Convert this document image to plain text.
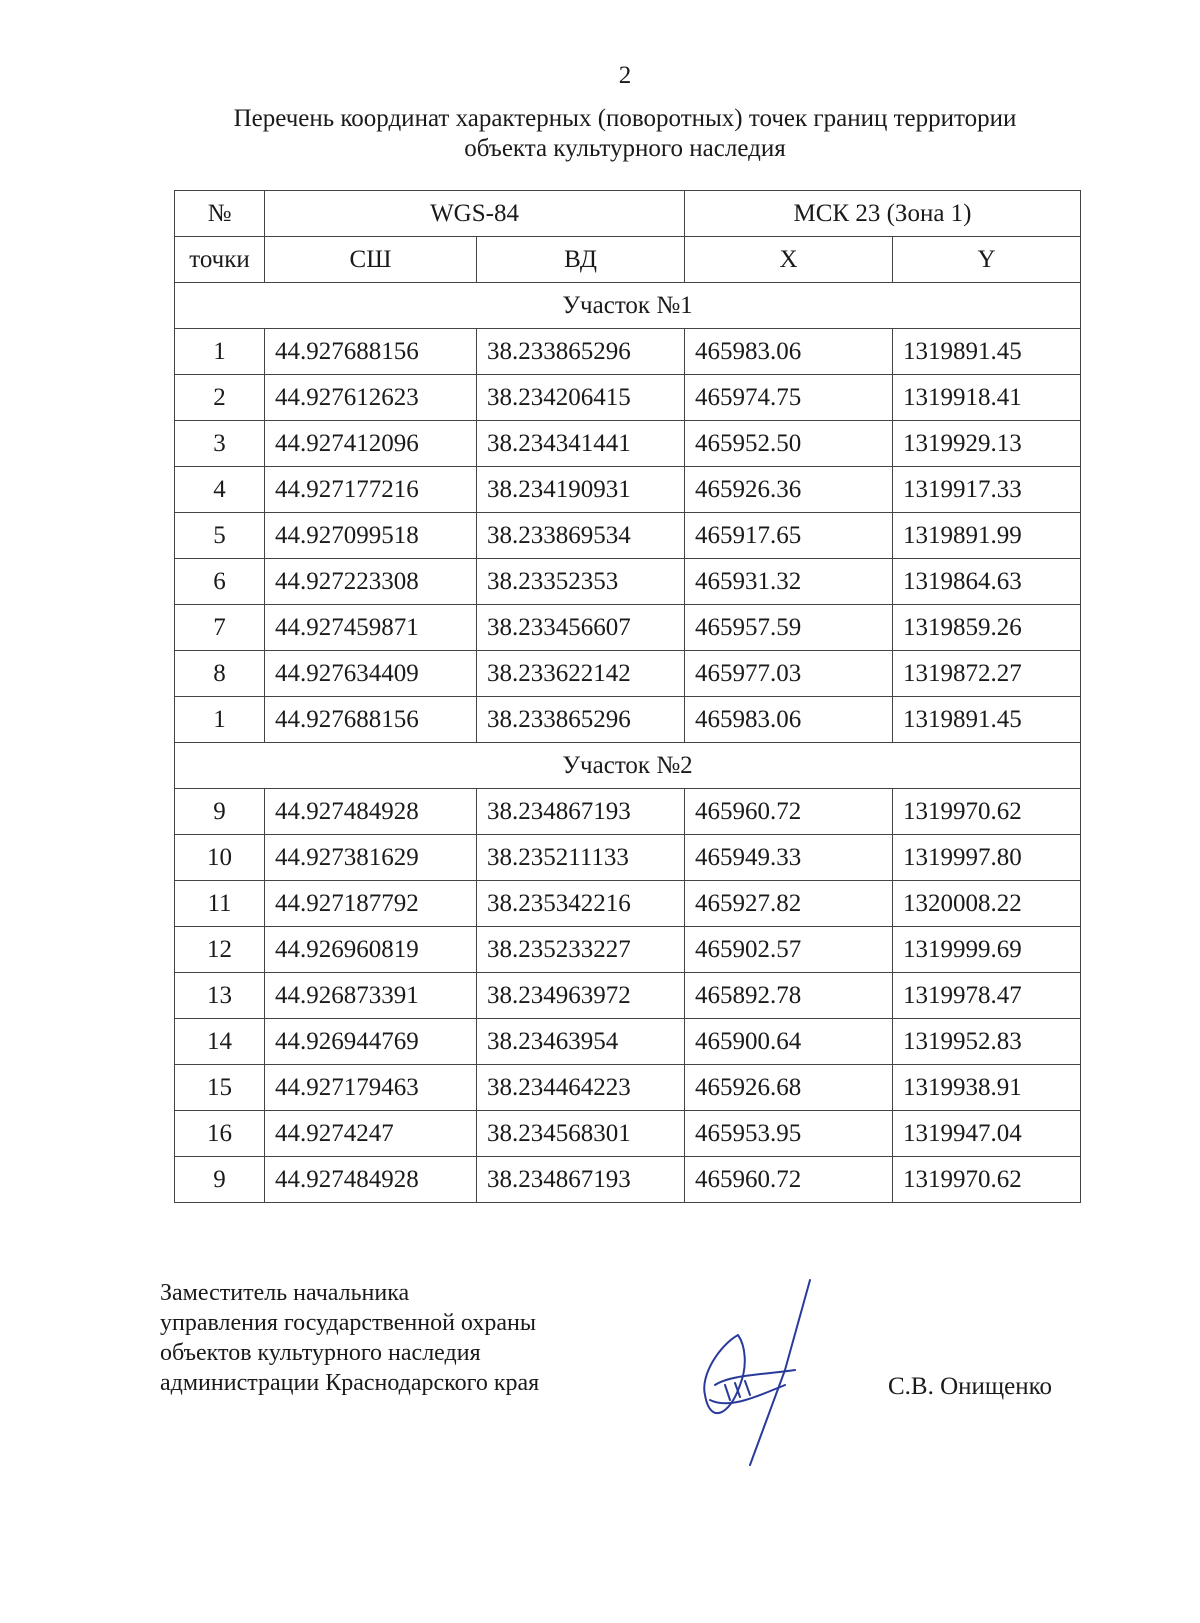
2
Перечень координат характерных (поворотных) точек границ территории
объекта культурного наследия
№	WGS-84		МСК 23 (Зона 1)	
точки	СШ	ВД	X	Y
Участок №1				
1	44.927688156	38.233865296	465983.06	1319891.45
2	44.927612623	38.234206415	465974.75	1319918.41
3	44.927412096	38.234341441	465952.50	1319929.13
4	44.927177216	38.234190931	465926.36	1319917.33
5	44.927099518	38.233869534	465917.65	1319891.99
6	44.927223308	38.23352353	465931.32	1319864.63
7	44.927459871	38.233456607	465957.59	1319859.26
8	44.927634409	38.233622142	465977.03	1319872.27
1	44.927688156	38.233865296	465983.06	1319891.45
Участок №2				
9	44.927484928	38.234867193	465960.72	1319970.62
10	44.927381629	38.235211133	465949.33	1319997.80
11	44.927187792	38.235342216	465927.82	1320008.22
12	44.926960819	38.235233227	465902.57	1319999.69
13	44.926873391	38.234963972	465892.78	1319978.47
14	44.926944769	38.23463954	465900.64	1319952.83
15	44.927179463	38.234464223	465926.68	1319938.91
16	44.9274247	38.234568301	465953.95	1319947.04
9	44.927484928	38.234867193	465960.72	1319970.62
Заместитель начальника
управления государственной охраны
объектов культурного наследия
администрации Краснодарского края	С.В. Онищенко
